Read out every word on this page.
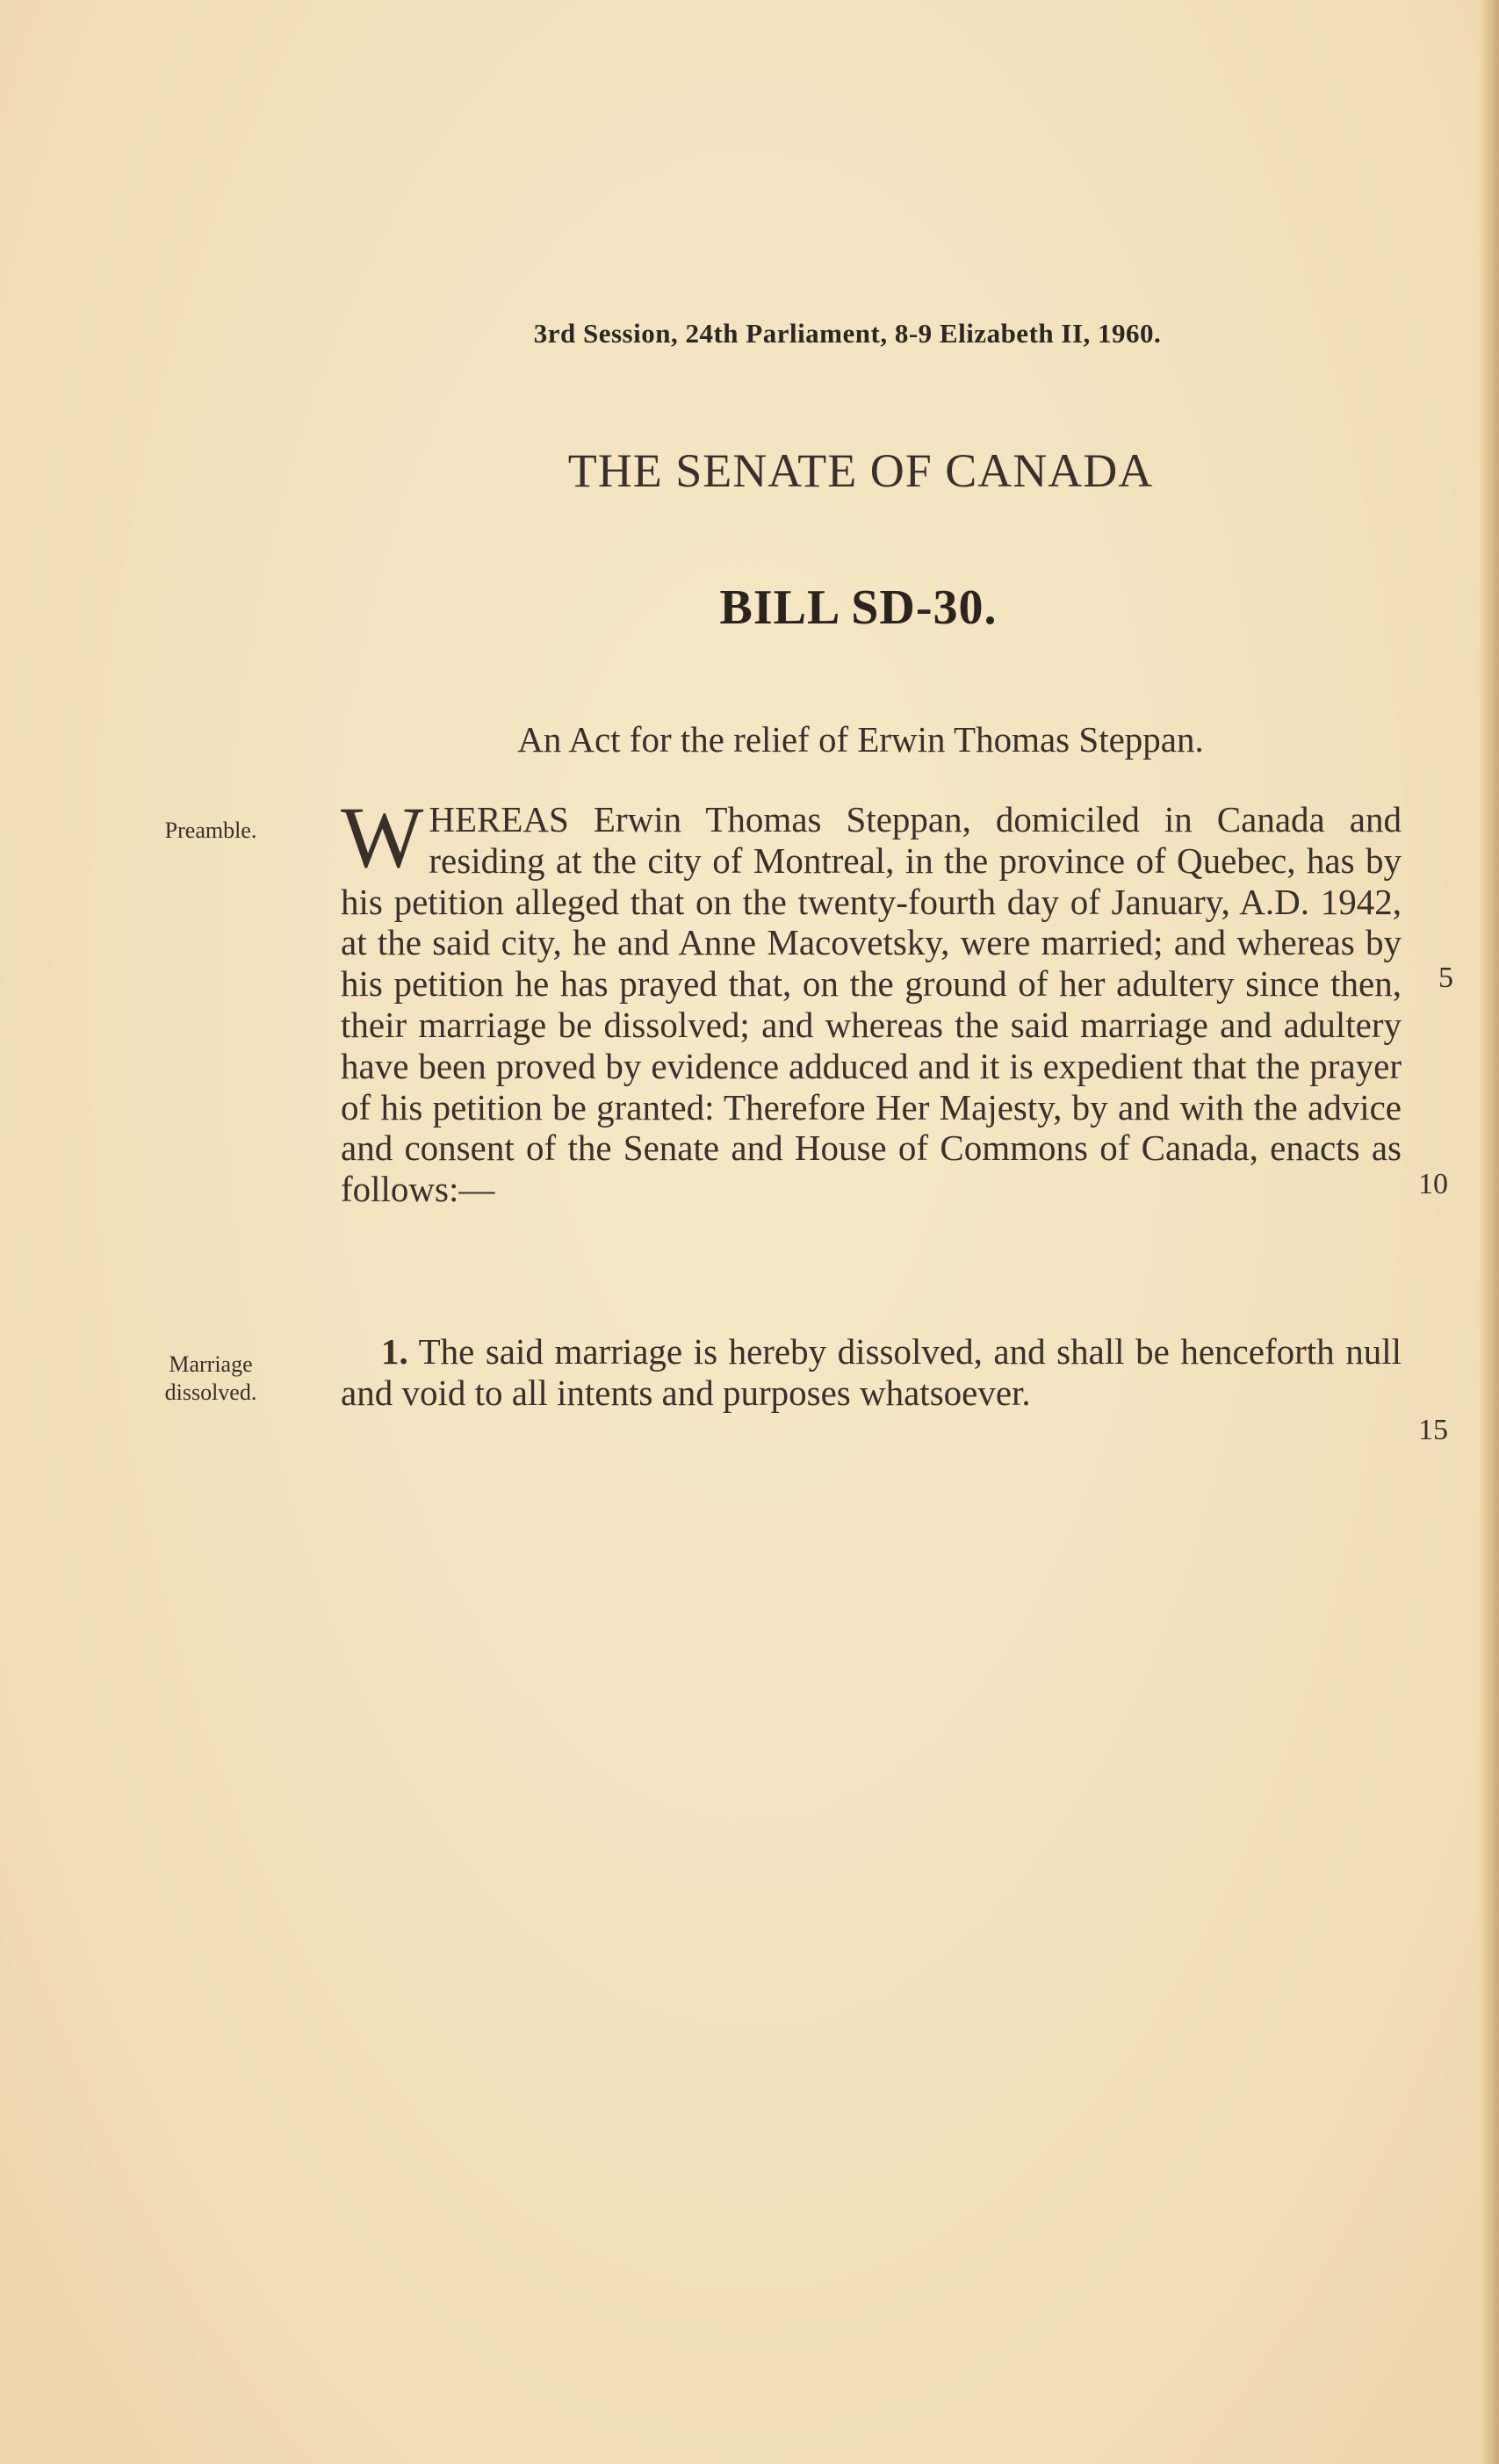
3rd Session, 24th Parliament, 8-9 Elizabeth II, 1960.
THE SENATE OF CANADA
BILL SD-30.
An Act for the relief of Erwin Thomas Steppan.
Preamble. WHEREAS Erwin Thomas Steppan, domiciled in Canada and residing at the city of Montreal, in the province of Quebec, has by his petition alleged that on the twenty-fourth day of January, A.D. 1942, at the said city, he and Anne Macovetsky, were married; and whereas by his petition he has prayed that, on the ground of her adultery since then, their marriage be dissolved; and whereas the said marriage and adultery have been proved by evidence adduced and it is expedient that the prayer of his petition be granted: Therefore Her Majesty, by and with the advice and consent of the Senate and House of Commons of Canada, enacts as follows:—
5
10
15
Marriage
dissolved.
1. The said marriage is hereby dissolved, and shall be henceforth null and void to all intents and purposes whatsoever.
